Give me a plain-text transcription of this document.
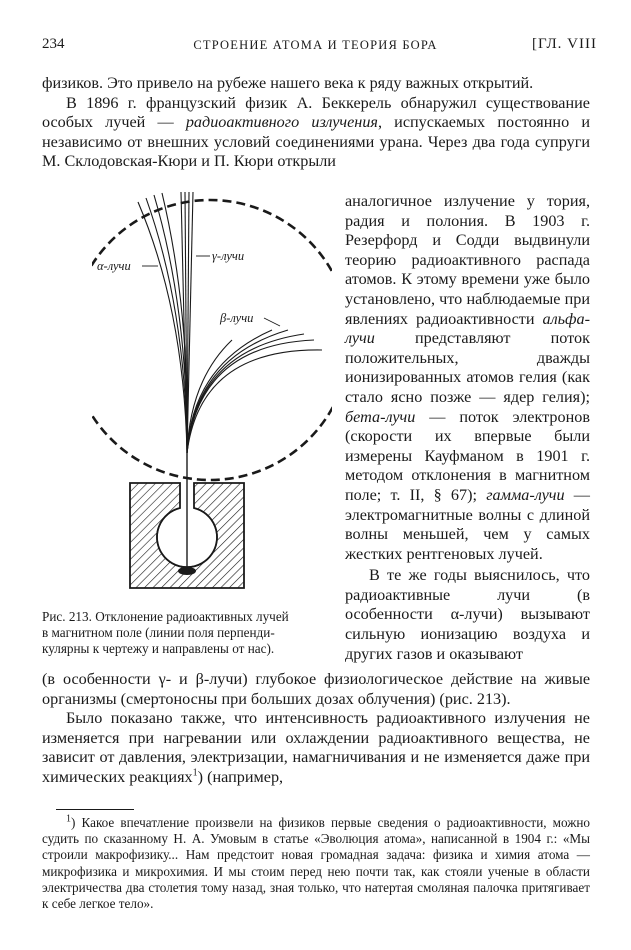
234	СТРОЕНИЕ АТОМА И ТЕОРИЯ БОРА	[ГЛ. VIII

физиков. Это привело на рубеже нашего века к ряду важных открытий.

В 1896 г. французский физик А. Беккерель обнаружил существование особых лучей — радиоактивного излучения, испускаемых постоянно и независимо от внешних условий соединениями урана. Через два года супруги М. Склодовская-Кюри и П. Кюри открыли

α-лучи
γ-лучи
β-лучи

аналогичное излучение у тория, радия и полония. В 1903 г. Резерфорд и Содди выдвинули теорию радиоактивного распада атомов. К этому времени уже было установлено, что наблюдаемые при явлениях радиоактивности альфа-лучи представляют поток положительных, дважды ионизированных атомов гелия (как стало ясно позже — ядер гелия); бета-лучи — поток электронов (скорости их впервые были измерены Кауфманом в 1901 г. методом отклонения в магнитном поле; т. II, § 67); гамма-лучи — электромагнитные волны с длиной волны меньшей, чем у самых жестких рентгеновых лучей.

В те же годы выяснилось, что радиоактивные лучи (в особенности α-лучи) вызывают сильную ионизацию воздуха и других газов и оказывают

Рис. 213. Отклонение радиоактивных лучей
в магнитном поле (линии поля перпенди-
кулярны к чертежу и направлены от нас).

(в особенности γ- и β-лучи) глубокое физиологическое действие на живые организмы (смертоносны при больших дозах облучения) (рис. 213).

Было показано также, что интенсивность радиоактивного излучения не изменяется при нагревании или охлаждении радиоактивного вещества, не зависит от давления, электризации, намагничивания и не изменяется даже при химических реакциях$^1$) (например,

$^1$) Какое впечатление произвели на физиков первые сведения о радиоактивности, можно судить по сказанному Н. А. Умовым в статье «Эволюция атома», написанной в 1904 г.: «Мы строили макрофизику... Нам предстоит новая громадная задача: физика и химия атома — микрофизика и микрохимия. И мы стоим перед нею почти так, как стояли ученые в области электричества два столетия тому назад, зная только, что натертая смоляная палочка притягивает к себе легкое тело».
